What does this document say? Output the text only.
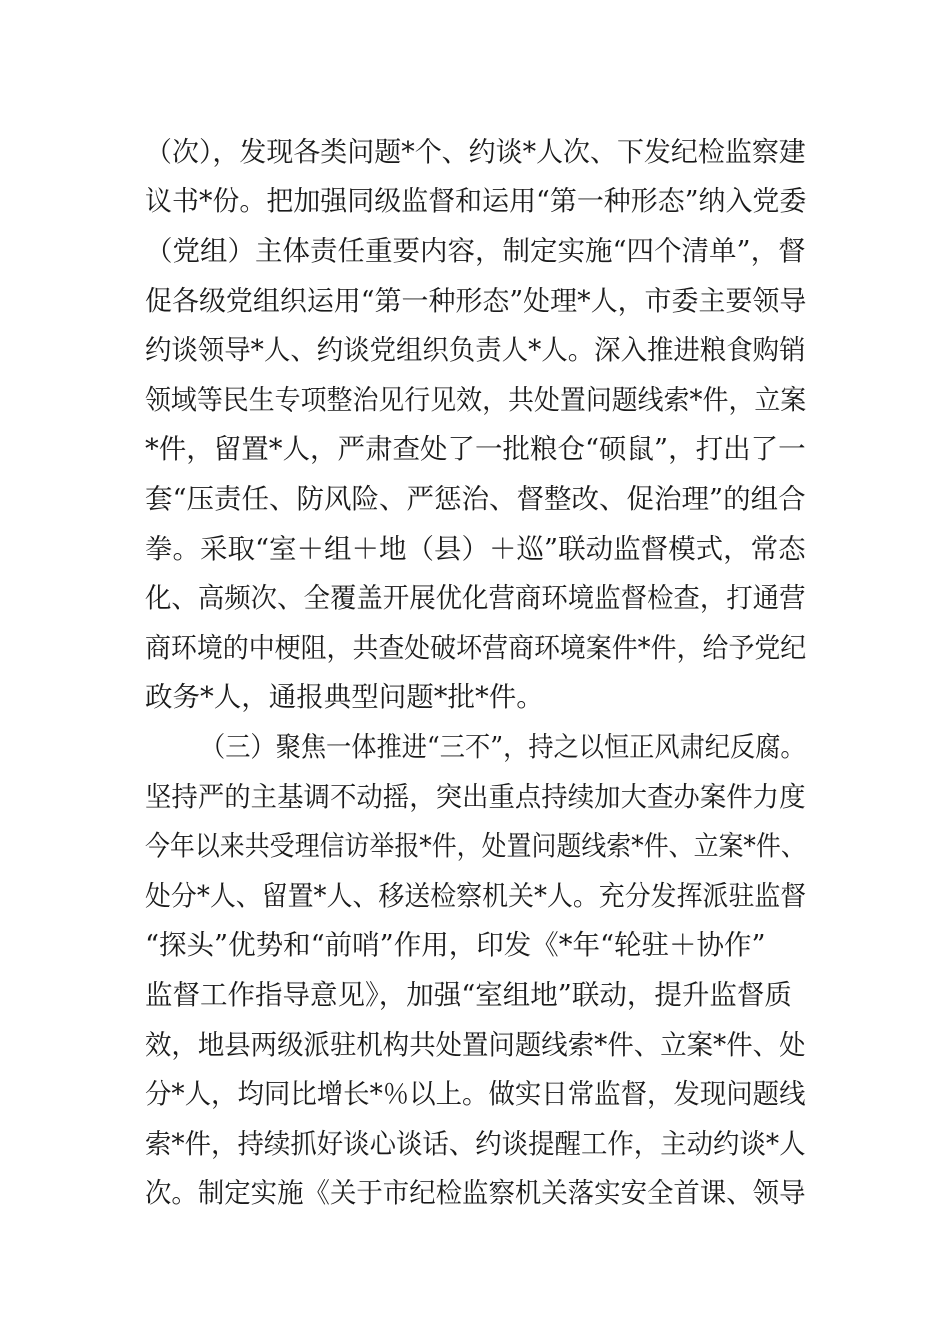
（次），发现各类问题*个、约谈*人次、下发纪检监察建
议书*份。把加强同级监督和运用“第一种形态”纳入党委
（党组）主体责任重要内容，制定实施“四个清单”，督
促各级党组织运用“第一种形态”处理*人，市委主要领导
约谈领导*人、约谈党组织负责人*人。深入推进粮食购销
领域等民生专项整治见行见效，共处置问题线索*件，立案
*件，留置*人，严肃查处了一批粮仓“硕鼠”，打出了一
套“压责任、防风险、严惩治、督整改、促治理”的组合
拳。采取“室＋组＋地（县）＋巡”联动监督模式，常态
化、高频次、全覆盖开展优化营商环境监督检查，打通营
商环境的中梗阻，共查处破坏营商环境案件*件，给予党纪
政务*人，通报典型问题*批*件。
（三）聚焦一体推进“三不”，持之以恒正风肃纪反腐。
坚持严的主基调不动摇，突出重点持续加大查办案件力度
今年以来共受理信访举报*件，处置问题线索*件、立案*件、
处分*人、留置*人、移送检察机关*人。充分发挥派驻监督
“探头”优势和“前哨”作用，印发《*年“轮驻＋协作”
监督工作指导意见》，加强“室组地”联动，提升监督质
效，地县两级派驻机构共处置问题线索*件、立案*件、处
分*人，均同比增长*％以上。做实日常监督，发现问题线
索*件，持续抓好谈心谈话、约谈提醒工作，主动约谈*人
次。制定实施《关于市纪检监察机关落实安全首课、领导
